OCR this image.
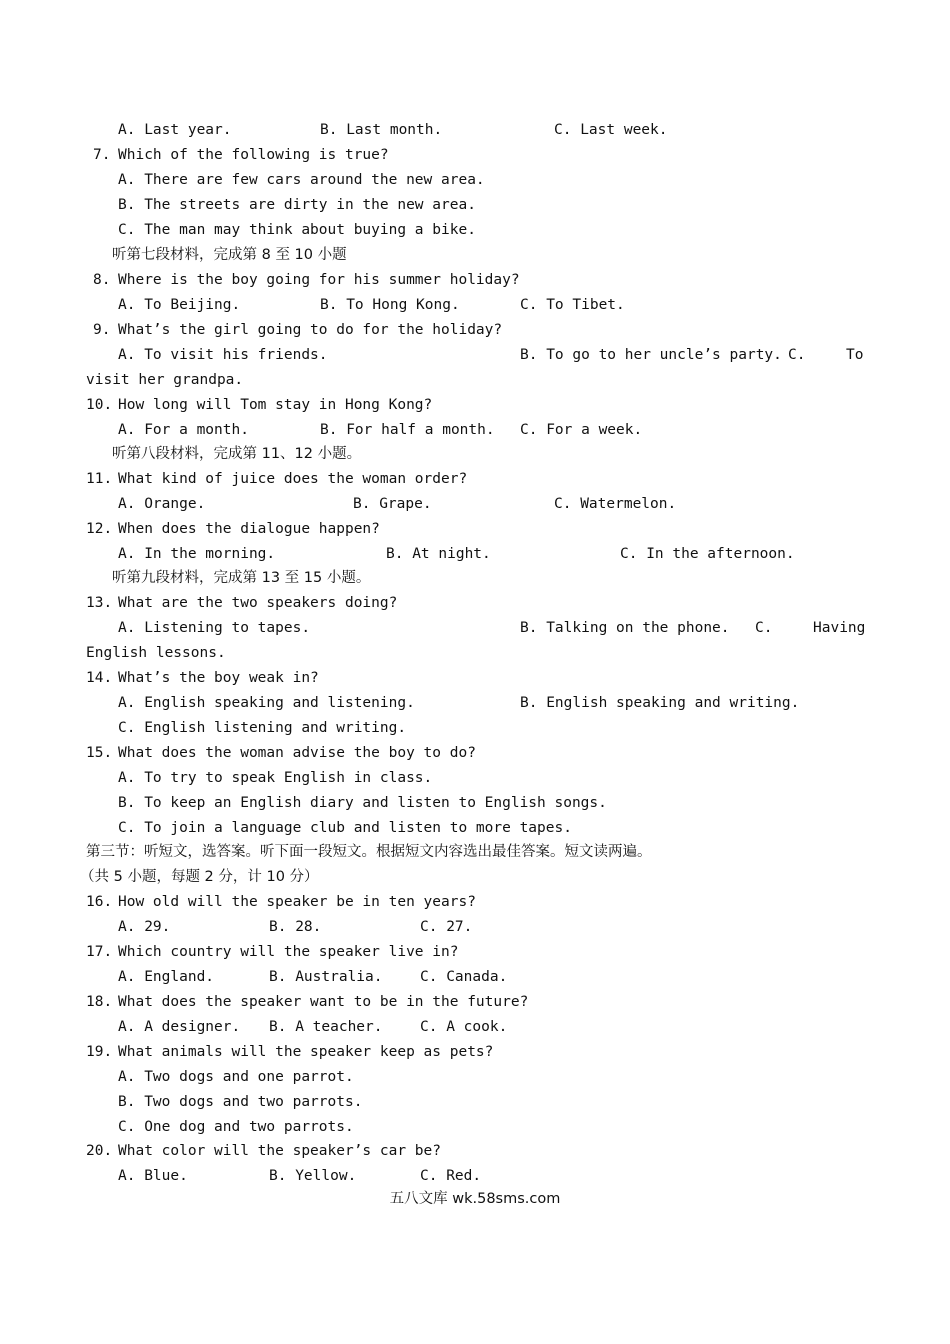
A. Last year.	B. Last month.	C. Last week.
7. Which of the following is true?
A. There are few cars around the new area.
B. The streets are dirty in the new area.
C. The man may think about buying a bike.
听第七段材料，完成第 8 至 10 小题
8. Where is the boy going for his summer holiday?
A. To Beijing.	B. To Hong Kong.	C. To Tibet.
9. What’s the girl going to do for the holiday?
A. To visit his friends.	B. To go to her uncle’s party. C.	To
visit her grandpa.
10. How long will Tom stay in Hong Kong?
A. For a month.	B. For half a month. C. For a week.
听第八段材料，完成第 11、12 小题。
11. What kind of juice does the woman order?
A. Orange.	B. Grape.	C. Watermelon.
12. When does the dialogue happen?
A. In the morning.	B. At night.	C. In the afternoon.
听第九段材料，完成第 13 至 15 小题。
13. What are the two speakers doing?
A. Listening to tapes.	B. Talking on the phone. C.	Having
English lessons.
14. What’s the boy weak in?
A. English speaking and listening.	B. English speaking and writing.
C. English listening and writing.
15. What does the woman advise the boy to do?
A. To try to speak English in class.
B. To keep an English diary and listen to English songs.
C. To join a language club and listen to more tapes.
第三节：听短文，选答案。听下面一段短文。根据短文内容选出最佳答案。短文读两遍。
（共 5 小题，每题 2 分，计 10 分）
16. How old will the speaker be in ten years?
A. 29.	B. 28.	C. 27.
17. Which country will the speaker live in?
A. England.	B. Australia.	C. Canada.
18. What does the speaker want to be in the future?
A. A designer. B. A teacher.	C. A cook.
19. What animals will the speaker keep as pets?
A. Two dogs and one parrot.
B. Two dogs and two parrots.
C. One dog and two parrots.
20. What color will the speaker’s car be?
A. Blue.	B. Yellow.	C. Red.
五八文库 wk.58sms.com
